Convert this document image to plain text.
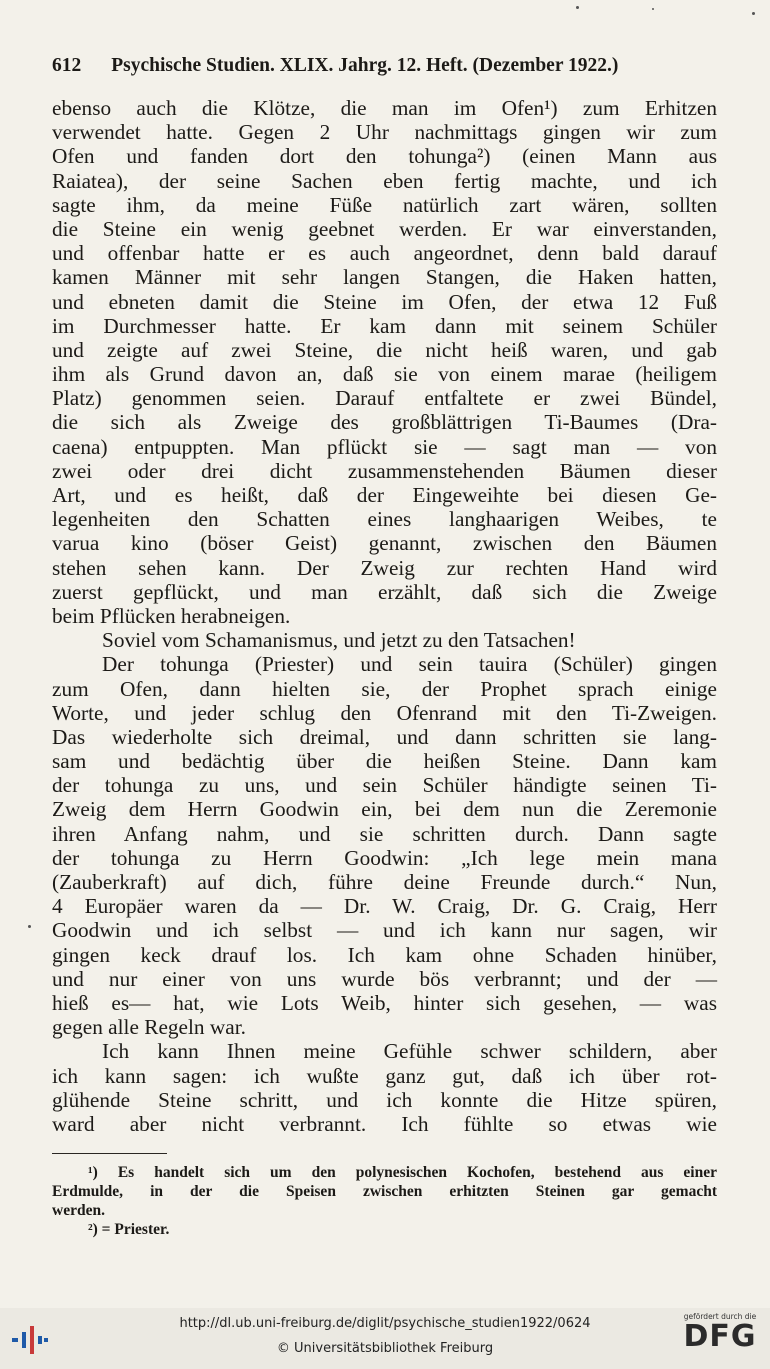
612 Psychische Studien. XLIX. Jahrg. 12. Heft. (Dezember 1922.)
ebenso auch die Klötze, die man im Ofen¹) zum Erhitzen
verwendet hatte. Gegen 2 Uhr nachmittags gingen wir zum
Ofen und fanden dort den tohunga²) (einen Mann aus
Raiatea), der seine Sachen eben fertig machte, und ich
sagte ihm, da meine Füße natürlich zart wären, sollten
die Steine ein wenig geebnet werden. Er war einverstanden,
und offenbar hatte er es auch angeordnet, denn bald darauf
kamen Männer mit sehr langen Stangen, die Haken hatten,
und ebneten damit die Steine im Ofen, der etwa 12 Fuß
im Durchmesser hatte. Er kam dann mit seinem Schüler
und zeigte auf zwei Steine, die nicht heiß waren, und gab
ihm als Grund davon an, daß sie von einem marae (heiligem
Platz) genommen seien. Darauf entfaltete er zwei Bündel,
die sich als Zweige des großblättrigen Ti-Baumes (Dra-
caena) entpuppten. Man pflückt sie — sagt man — von
zwei oder drei dicht zusammenstehenden Bäumen dieser
Art, und es heißt, daß der Eingeweihte bei diesen Ge-
legenheiten den Schatten eines langhaarigen Weibes, te
varua kino (böser Geist) genannt, zwischen den Bäumen
stehen sehen kann. Der Zweig zur rechten Hand wird
zuerst gepflückt, und man erzählt, daß sich die Zweige
beim Pflücken herabneigen.
Soviel vom Schamanismus, und jetzt zu den Tatsachen!
Der tohunga (Priester) und sein tauira (Schüler) gingen
zum Ofen, dann hielten sie, der Prophet sprach einige
Worte, und jeder schlug den Ofenrand mit den Ti-Zweigen.
Das wiederholte sich dreimal, und dann schritten sie lang-
sam und bedächtig über die heißen Steine. Dann kam
der tohunga zu uns, und sein Schüler händigte seinen Ti-
Zweig dem Herrn Goodwin ein, bei dem nun die Zeremonie
ihren Anfang nahm, und sie schritten durch. Dann sagte
der tohunga zu Herrn Goodwin: „Ich lege mein mana
(Zauberkraft) auf dich, führe deine Freunde durch.“ Nun,
4 Europäer waren da — Dr. W. Craig, Dr. G. Craig, Herr
Goodwin und ich selbst — und ich kann nur sagen, wir
gingen keck drauf los. Ich kam ohne Schaden hinüber,
und nur einer von uns wurde bös verbrannt; und der —
hieß es— hat, wie Lots Weib, hinter sich gesehen, — was
gegen alle Regeln war.
Ich kann Ihnen meine Gefühle schwer schildern, aber
ich kann sagen: ich wußte ganz gut, daß ich über rot-
glühende Steine schritt, und ich konnte die Hitze spüren,
ward aber nicht verbrannt. Ich fühlte so etwas wie
¹) Es handelt sich um den polynesischen Kochofen, bestehend aus einer
Erdmulde, in der die Speisen zwischen erhitzten Steinen gar gemacht
werden.
²) = Priester.
http://dl.ub.uni-freiburg.de/diglit/psychische_studien1922/0624
© Universitätsbibliothek Freiburg
gefördert durch die
DFG
